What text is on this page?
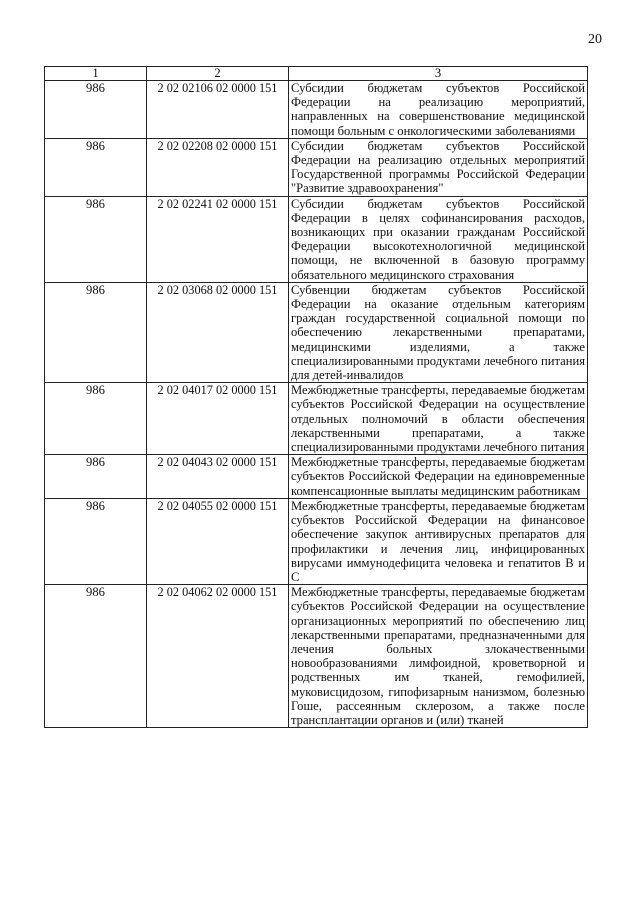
20
1	2	3
986	2 02 02106 02 0000 151	Субсидии бюджетам субъектов Российской Федерации на реализацию мероприятий, направленных на совершенствование медицинской помощи больным с онкологическими заболеваниями
986	2 02 02208 02 0000 151	Субсидии бюджетам субъектов Российской Федерации на реализацию отдельных мероприятий Государственной программы Российской Федерации "Развитие здравоохранения"
986	2 02 02241 02 0000 151	Субсидии бюджетам субъектов Российской Федерации в целях софинансирования расходов, возникающих при оказании гражданам Российской Федерации высокотехнологичной медицинской помощи, не включенной в базовую программу обязательного медицинского страхования
986	2 02 03068 02 0000 151	Субвенции бюджетам субъектов Российской Федерации на оказание отдельным категориям граждан государственной социальной помощи по обеспечению лекарственными препаратами, медицинскими изделиями, а также специализированными продуктами лечебного питания для детей-инвалидов
986	2 02 04017 02 0000 151	Межбюджетные трансферты, передаваемые бюджетам субъектов Российской Федерации на осуществление отдельных полномочий в области обеспечения лекарственными препаратами, а также специализированными продуктами лечебного питания
986	2 02 04043 02 0000 151	Межбюджетные трансферты, передаваемые бюджетам субъектов Российской Федерации на единовременные компенсационные выплаты медицинским работникам
986	2 02 04055 02 0000 151	Межбюджетные трансферты, передаваемые бюджетам субъектов Российской Федерации на финансовое обеспечение закупок антивирусных препаратов для профилактики и лечения лиц, инфицированных вирусами иммунодефицита человека и гепатитов B и C
986	2 02 04062 02 0000 151	Межбюджетные трансферты, передаваемые бюджетам субъектов Российской Федерации на осуществление организационных мероприятий по обеспечению лиц лекарственными препаратами, предназначенными для лечения больных злокачественными новообразованиями лимфоидной, кроветворной и родственных им тканей, гемофилией, муковисцидозом, гипофизарным нанизмом, болезнью Гоше, рассеянным склерозом, а также после трансплантации органов и (или) тканей
